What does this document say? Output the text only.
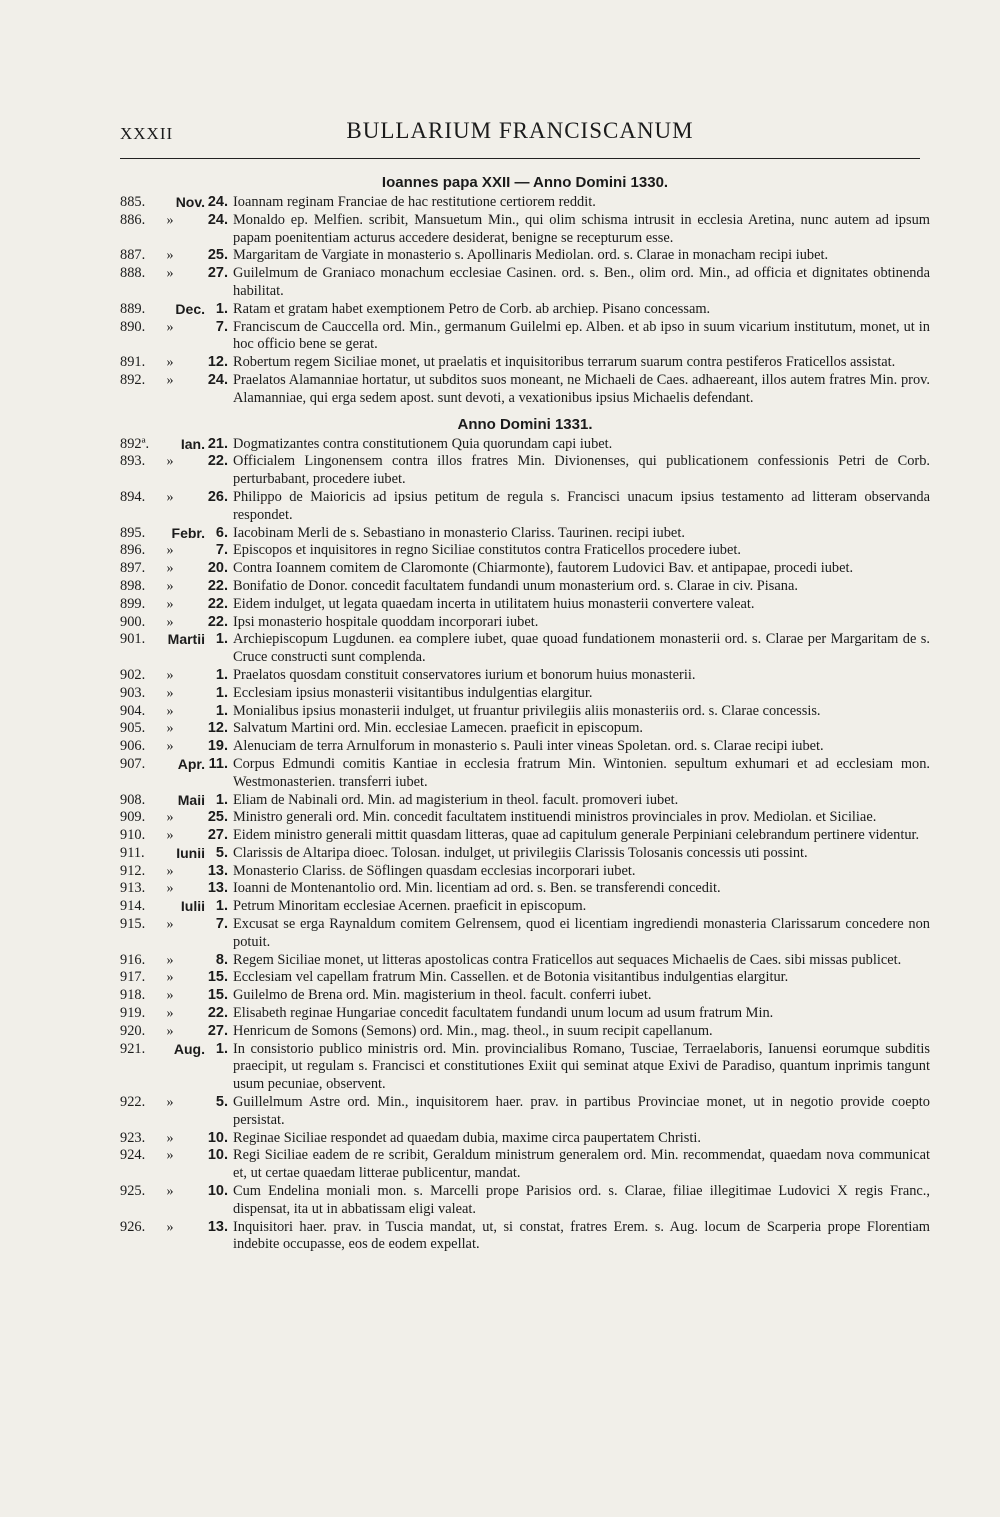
XXXII	BULLARIUM FRANCISCANUM
Ioannes papa XXII — Anno Domini 1330.
885.	Nov. 24. Ioannam reginam Franciae de hac restitutione certiorem reddit.
886.	»	24. Monaldo ep. Melfien. scribit, Mansuetum Min., qui olim schisma intrusit in ecclesia Aretina, nunc autem ad ipsum papam poenitentiam acturus accedere desiderat, benigne se recepturum esse.
887.	»	25. Margaritam de Vargiate in monasterio s. Apollinaris Mediolan. ord. s. Clarae in monacham recipi iubet.
888.	»	27. Guilelmum de Graniaco monachum ecclesiae Casinen. ord. s. Ben., olim ord. Min., ad officia et dignitates obtinenda habilitat.
889.	Dec. 1. Ratam et gratam habet exemptionem Petro de Corb. ab archiep. Pisano concessam.
890.	»	7. Franciscum de Cauccella ord. Min., germanum Guilelmi ep. Alben. et ab ipso in suum vicarium institutum, monet, ut in hoc officio bene se gerat.
891.	»	12. Robertum regem Siciliae monet, ut praelatis et inquisitoribus terrarum suarum contra pestiferos Fraticellos assistat.
892.	»	24. Praelatos Alamanniae hortatur, ut subditos suos moneant, ne Michaeli de Caes. adhaereant, illos autem fratres Min. prov. Alamanniae, qui erga sedem apost. sunt devoti, a vexationibus ipsius Michaelis defendant.
Anno Domini 1331.
892ª.	Ian. 21. Dogmatizantes contra constitutionem Quia quorundam capi iubet.
893.	»	22. Officialem Lingonensem contra illos fratres Min. Divionenses, qui publicationem confessionis Petri de Corb. perturbabant, procedere iubet.
894.	»	26. Philippo de Maioricis ad ipsius petitum de regula s. Francisci unacum ipsius testamento ad litteram observanda respondet.
895.	Febr. 6. Iacobinam Merli de s. Sebastiano in monasterio Clariss. Taurinen. recipi iubet.
896.	»	7. Episcopos et inquisitores in regno Siciliae constitutos contra Fraticellos procedere iubet.
897.	»	20. Contra Ioannem comitem de Claromonte (Chiarmonte), fautorem Ludovici Bav. et antipapae, procedi iubet.
898.	»	22. Bonifatio de Donor. concedit facultatem fundandi unum monasterium ord. s. Clarae in civ. Pisana.
899.	»	22. Eidem indulget, ut legata quaedam incerta in utilitatem huius monasterii convertere valeat.
900.	»	22. Ipsi monasterio hospitale quoddam incorporari iubet.
901.	Martii 1. Archiepiscopum Lugdunen. ea complere iubet, quae quoad fundationem monasterii ord. s. Clarae per Margaritam de s. Cruce constructi sunt complenda.
902.	»	1. Praelatos quosdam constituit conservatores iurium et bonorum huius monasterii.
903.	»	1. Ecclesiam ipsius monasterii visitantibus indulgentias elargitur.
904.	»	1. Monialibus ipsius monasterii indulget, ut fruantur privilegiis aliis monasteriis ord. s. Clarae concessis.
905.	»	12. Salvatum Martini ord. Min. ecclesiae Lamecen. praeficit in episcopum.
906.	»	19. Alenuciam de terra Arnulforum in monasterio s. Pauli inter vineas Spoletan. ord. s. Clarae recipi iubet.
907.	Apr. 11. Corpus Edmundi comitis Kantiae in ecclesia fratrum Min. Wintonien. sepultum exhumari et ad ecclesiam mon. Westmonasterien. transferri iubet.
908.	Maii 1. Eliam de Nabinali ord. Min. ad magisterium in theol. facult. promoveri iubet.
909.	»	25. Ministro generali ord. Min. concedit facultatem instituendi ministros provinciales in prov. Mediolan. et Siciliae.
910.	»	27. Eidem ministro generali mittit quasdam litteras, quae ad capitulum generale Perpiniani celebrandum pertinere videntur.
911.	Iunii 5. Clarissis de Altaripa dioec. Tolosan. indulget, ut privilegiis Clarissis Tolosanis concessis uti possint.
912.	»	13. Monasterio Clariss. de Söflingen quasdam ecclesias incorporari iubet.
913.	»	13. Ioanni de Montenantolio ord. Min. licentiam ad ord. s. Ben. se transferendi concedit.
914.	Iulii 1. Petrum Minoritam ecclesiae Acernen. praeficit in episcopum.
915.	»	7. Excusat se erga Raynaldum comitem Gelrensem, quod ei licentiam ingrediendi monasteria Clarissarum concedere non potuit.
916.	»	8. Regem Siciliae monet, ut litteras apostolicas contra Fraticellos aut sequaces Michaelis de Caes. sibi missas publicet.
917.	»	15. Ecclesiam vel capellam fratrum Min. Cassellen. et de Botonia visitantibus indulgentias elargitur.
918.	»	15. Guilelmo de Brena ord. Min. magisterium in theol. facult. conferri iubet.
919.	»	22. Elisabeth reginae Hungariae concedit facultatem fundandi unum locum ad usum fratrum Min.
920.	»	27. Henricum de Somons (Semons) ord. Min., mag. theol., in suum recipit capellanum.
921.	Aug. 1. In consistorio publico ministris ord. Min. provincialibus Romano, Tusciae, Terraelaboris, Ianuensi eorumque subditis praecipit, ut regulam s. Francisci et constitutiones Exiit qui seminat atque Exivi de Paradiso, quantum inprimis tangunt usum pecuniae, observent.
922.	»	5. Guillelmum Astre ord. Min., inquisitorem haer. prav. in partibus Provinciae monet, ut in negotio provide coepto persistat.
923.	»	10. Reginae Siciliae respondet ad quaedam dubia, maxime circa paupertatem Christi.
924.	»	10. Regi Siciliae eadem de re scribit, Geraldum ministrum generalem ord. Min. recommendat, quaedam nova communicat et, ut certae quaedam litterae publicentur, mandat.
925.	»	10. Cum Endelina moniali mon. s. Marcelli prope Parisios ord. s. Clarae, filiae illegitimae Ludovici X regis Franc., dispensat, ita ut in abbatissam eligi valeat.
926.	»	13. Inquisitori haer. prav. in Tuscia mandat, ut, si constat, fratres Erem. s. Aug. locum de Scarperia prope Florentiam indebite occupasse, eos de eodem expellat.
